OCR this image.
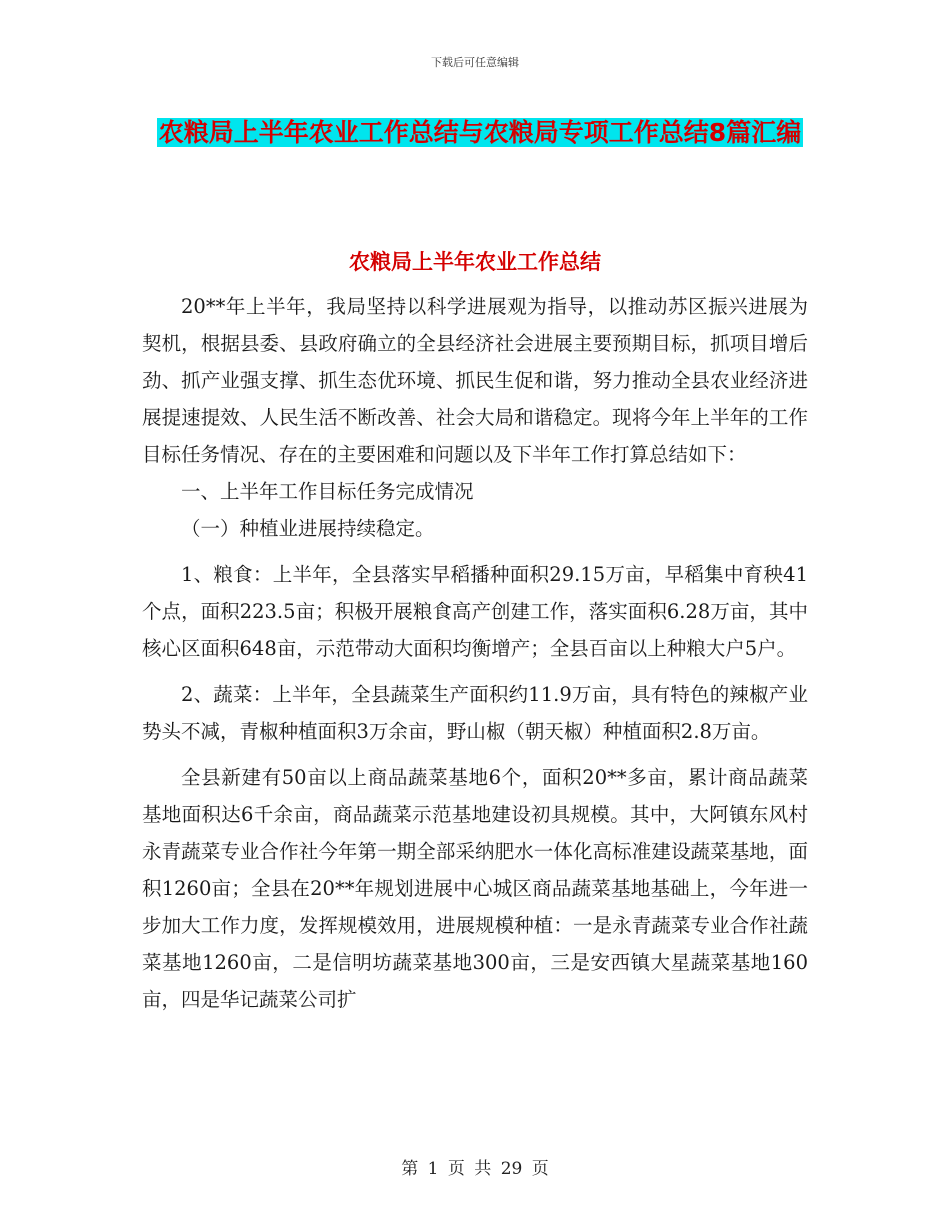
下载后可任意编辑
农粮局上半年农业工作总结与农粮局专项工作总结8篇汇编
农粮局上半年农业工作总结

20**年上半年，我局坚持以科学进展观为指导，以推动苏区振兴进展为契机，根据县委、县政府确立的全县经济社会进展主要预期目标，抓项目增后劲、抓产业强支撑、抓生态优环境、抓民生促和谐，努力推动全县农业经济进展提速提效、人民生活不断改善、社会大局和谐稳定。现将今年上半年的工作目标任务情况、存在的主要困难和问题以及下半年工作打算总结如下：

一、上半年工作目标任务完成情况

（一）种植业进展持续稳定。

1、粮食：上半年，全县落实早稻播种面积29.15万亩，早稻集中育秧41个点，面积223.5亩；积极开展粮食高产创建工作，落实面积6.28万亩，其中核心区面积648亩，示范带动大面积均衡增产；全县百亩以上种粮大户5户。

2、蔬菜：上半年，全县蔬菜生产面积约11.9万亩，具有特色的辣椒产业势头不减，青椒种植面积3万余亩，野山椒（朝天椒）种植面积2.8万亩。

全县新建有50亩以上商品蔬菜基地6个，面积20**多亩，累计商品蔬菜基地面积达6千余亩，商品蔬菜示范基地建设初具规模。其中，大阿镇东风村永青蔬菜专业合作社今年第一期全部采纳肥水一体化高标准建设蔬菜基地，面积1260亩；全县在20**年规划进展中心城区商品蔬菜基地基础上，今年进一步加大工作力度，发挥规模效用，进展规模种植：一是永青蔬菜专业合作社蔬菜基地1260亩，二是信明坊蔬菜基地300亩，三是安西镇大星蔬菜基地160亩，四是华记蔬菜公司扩

第 1 页 共 29 页
